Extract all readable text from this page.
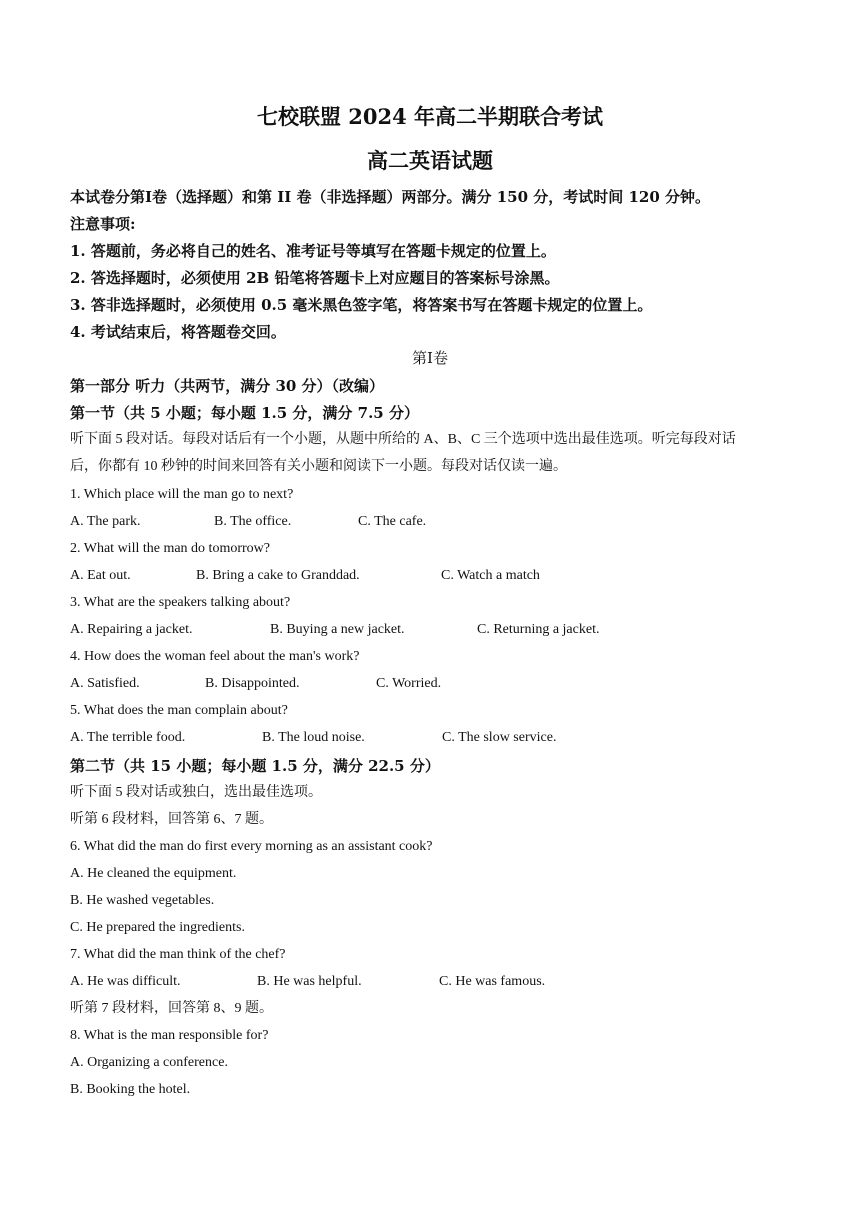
七校联盟 2024 年高二半期联合考试
高二英语试题
本试卷分第Ⅰ卷（选择题）和第 II 卷（非选择题）两部分。满分 150 分，考试时间 120 分钟。
注意事项:
1. 答题前，务必将自己的姓名、准考证号等填写在答题卡规定的位置上。
2. 答选择题时，必须使用 2B 铅笔将答题卡上对应题目的答案标号涂黑。
3. 答非选择题时，必须使用 0.5 毫米黑色签字笔，将答案书写在答题卡规定的位置上。
4. 考试结束后，将答题卷交回。
第Ⅰ卷
第一部分 听力（共两节，满分 30 分）（改编）
第一节（共 5 小题；每小题 1.5 分，满分 7.5 分）
听下面 5 段对话。每段对话后有一个小题，从题中所给的 A、B、C 三个选项中选出最佳选项。听完每段对话
后，你都有 10 秒钟的时间来回答有关小题和阅读下一小题。每段对话仅读一遍。
1. Which place will the man go to next?
A. The park.	B. The office.	C. The cafe.
2. What will the man do tomorrow?
A. Eat out.	B. Bring a cake to Granddad.	C. Watch a match
3. What are the speakers talking about?
A. Repairing a jacket.	B. Buying a new jacket.	C. Returning a jacket.
4. How does the woman feel about the man's work?
A. Satisfied.	B. Disappointed.	C. Worried.
5. What does the man complain about?
A. The terrible food.	B. The loud noise.	C. The slow service.
第二节（共 15 小题；每小题 1.5 分，满分 22.5 分）
听下面 5 段对话或独白，选出最佳选项。
听第 6 段材料，回答第 6、7 题。
6. What did the man do first every morning as an assistant cook?
A. He cleaned the equipment.
B. He washed vegetables.
C. He prepared the ingredients.
7. What did the man think of the chef?
A. He was difficult.	B. He was helpful.	C. He was famous.
听第 7 段材料，回答第 8、9 题。
8. What is the man responsible for?
A. Organizing a conference.
B. Booking the hotel.
